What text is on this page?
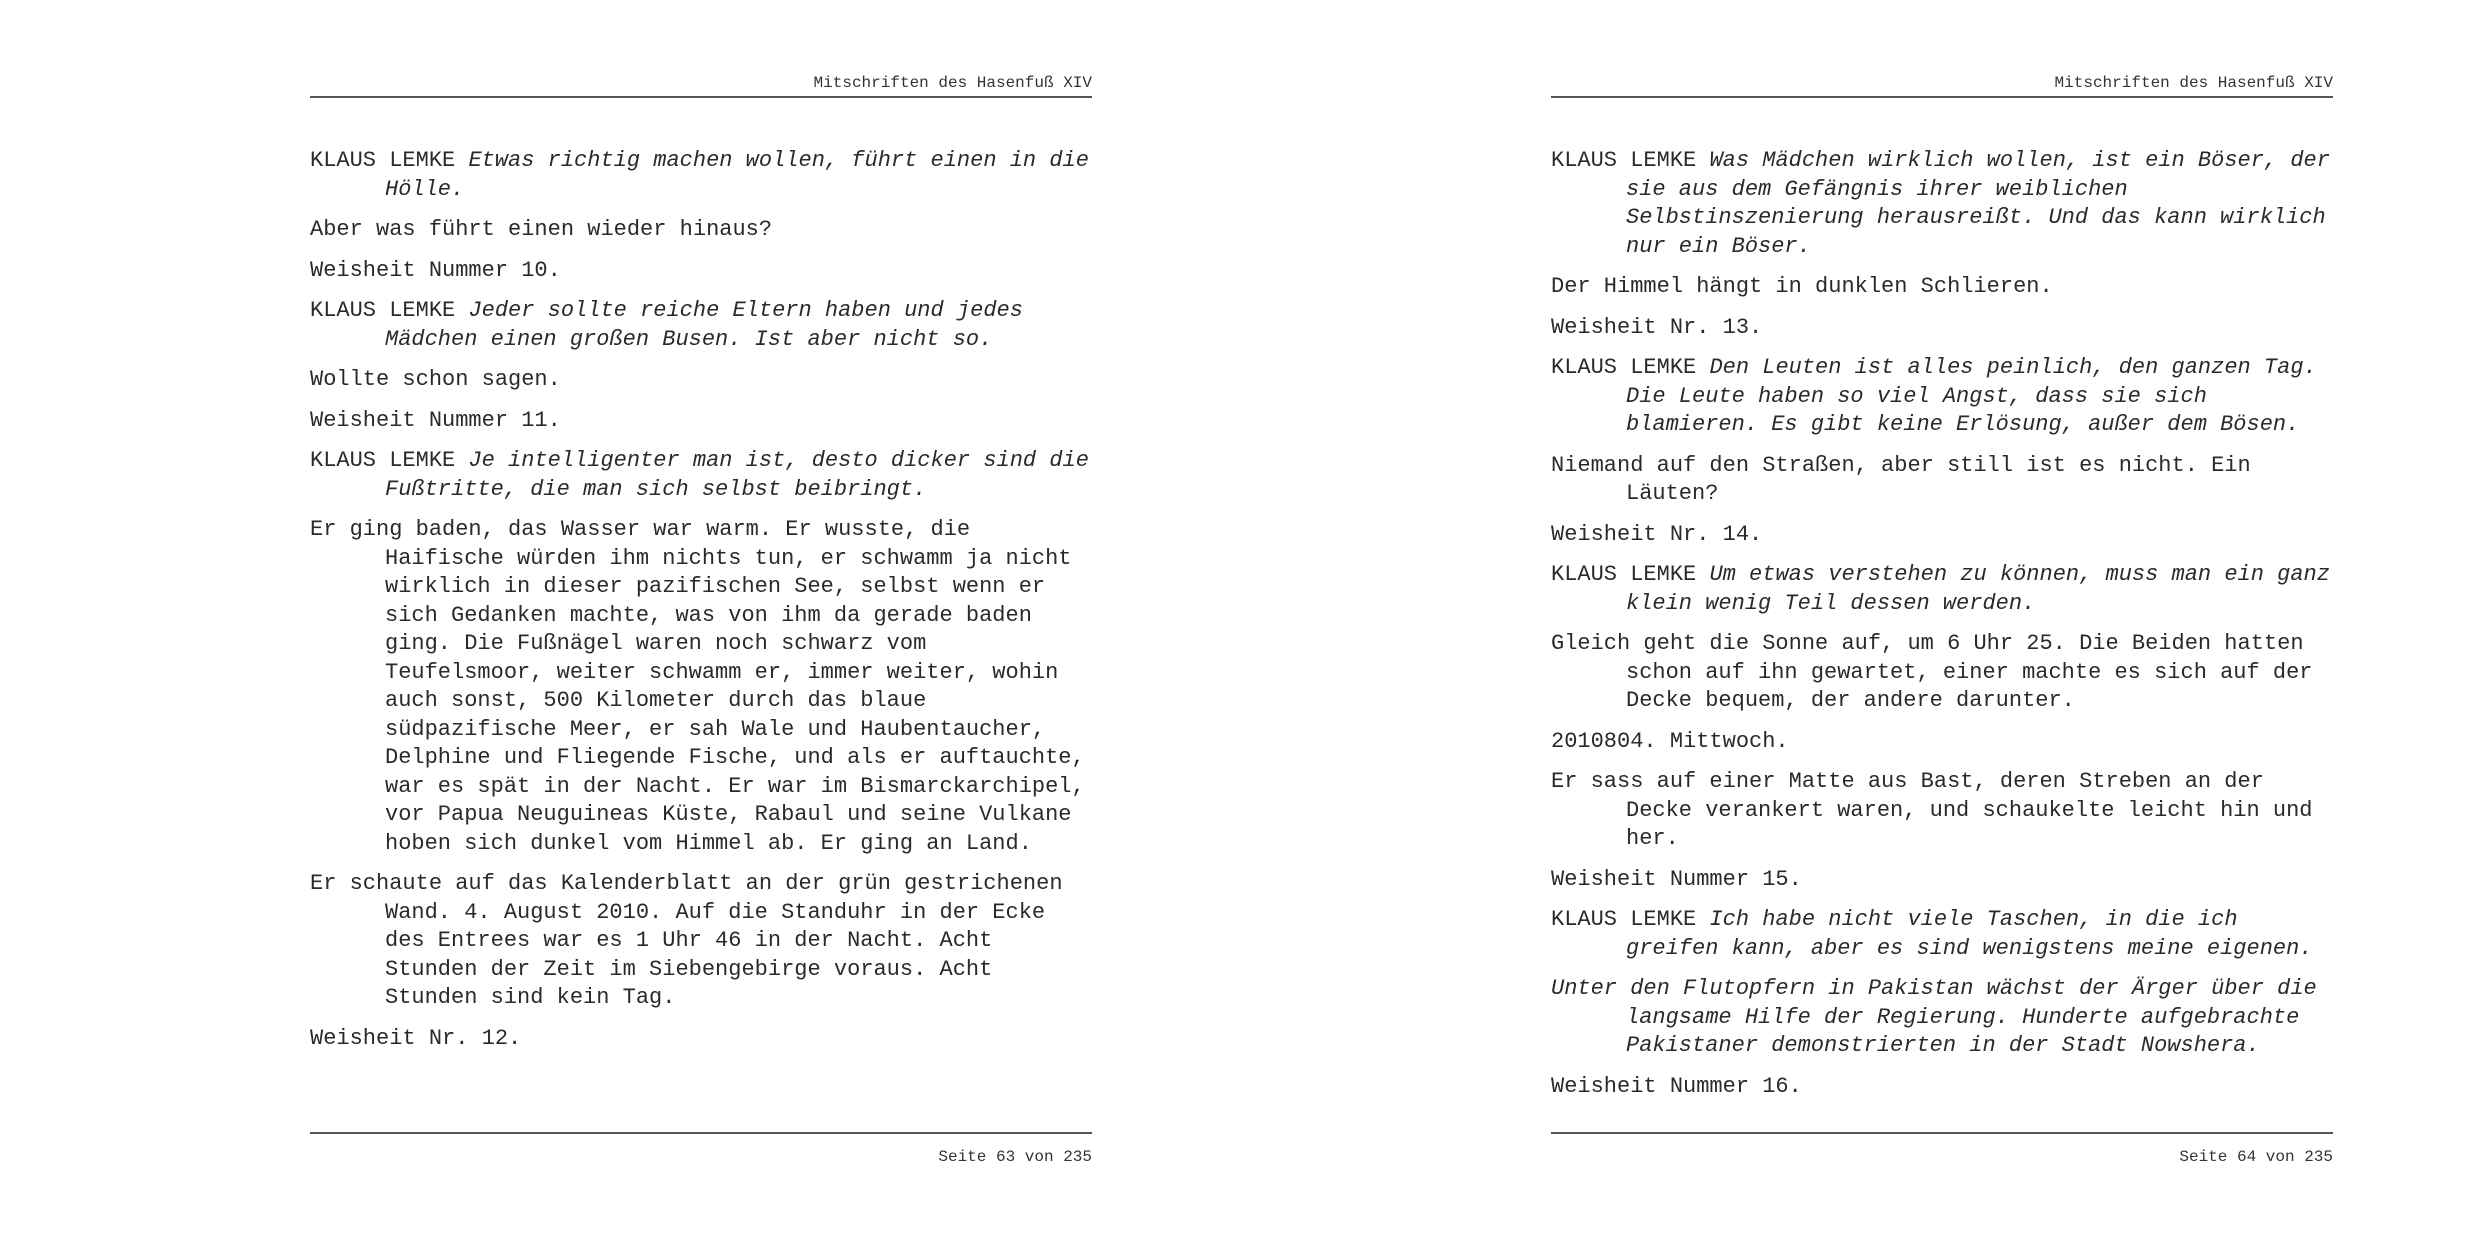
Mitschriften des Hasenfuß XIV

KLAUS LEMKE Etwas richtig machen wollen, führt einen in die Hölle.

Aber was führt einen wieder hinaus?

Weisheit Nummer 10.

KLAUS LEMKE Jeder sollte reiche Eltern haben und jedes Mädchen einen großen Busen. Ist aber nicht so.

Wollte schon sagen.

Weisheit Nummer 11.

KLAUS LEMKE Je intelligenter man ist, desto dicker sind die Fußtritte, die man sich selbst beibringt.

Er ging baden, das Wasser war warm. Er wusste, die Haifische würden ihm nichts tun, er schwamm ja nicht wirklich in dieser pazifischen See, selbst wenn er sich Gedanken machte, was von ihm da gerade baden ging. Die Fußnägel waren noch schwarz vom Teufelsmoor, weiter schwamm er, immer weiter, wohin auch sonst, 500 Kilometer durch das blaue südpazifische Meer, er sah Wale und Haubentaucher, Delphine und Fliegende Fische, und als er auftauchte, war es spät in der Nacht. Er war im Bismarckarchipel, vor Papua Neuguineas Küste, Rabaul und seine Vulkane hoben sich dunkel vom Himmel ab. Er ging an Land.

Er schaute auf das Kalenderblatt an der grün gestrichenen Wand. 4. August 2010. Auf die Standuhr in der Ecke des Entrees war es 1 Uhr 46 in der Nacht. Acht Stunden der Zeit im Siebengebirge voraus. Acht Stunden sind kein Tag.

Weisheit Nr. 12.

Seite 63 von 235
Mitschriften des Hasenfuß XIV

KLAUS LEMKE Was Mädchen wirklich wollen, ist ein Böser, der sie aus dem Gefängnis ihrer weiblichen Selbstinszenierung herausreißt. Und das kann wirklich nur ein Böser.

Der Himmel hängt in dunklen Schlieren.

Weisheit Nr. 13.

KLAUS LEMKE Den Leuten ist alles peinlich, den ganzen Tag. Die Leute haben so viel Angst, dass sie sich blamieren. Es gibt keine Erlösung, außer dem Bösen.

Niemand auf den Straßen, aber still ist es nicht. Ein Läuten?

Weisheit Nr. 14.

KLAUS LEMKE Um etwas verstehen zu können, muss man ein ganz klein wenig Teil dessen werden.

Gleich geht die Sonne auf, um 6 Uhr 25. Die Beiden hatten schon auf ihn gewartet, einer machte es sich auf der Decke bequem, der andere darunter.

2010804. Mittwoch.

Er sass auf einer Matte aus Bast, deren Streben an der Decke verankert waren, und schaukelte leicht hin und her.

Weisheit Nummer 15.

KLAUS LEMKE Ich habe nicht viele Taschen, in die ich greifen kann, aber es sind wenigstens meine eigenen.

Unter den Flutopfern in Pakistan wächst der Ärger über die langsame Hilfe der Regierung. Hunderte aufgebrachte Pakistaner demonstrierten in der Stadt Nowshera.

Weisheit Nummer 16.

Seite 64 von 235
